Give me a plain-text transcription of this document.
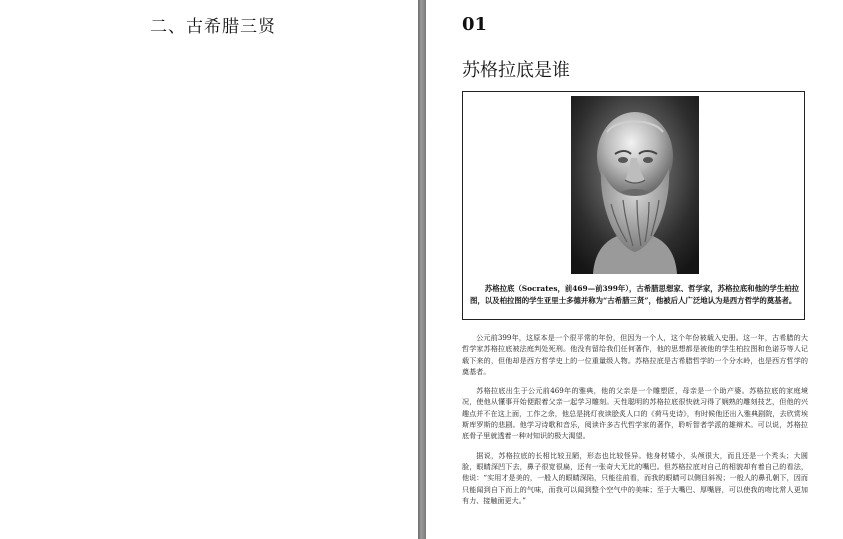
二、古希腊三贤	01
苏格拉底是谁

苏格拉底（Socrates，前469—前399年），古希腊思想家、哲学家，苏格拉底和他的学生柏拉图，以及柏拉图的学生亚里士多德并称为“古希腊三贤”，他被后人广泛地认为是西方哲学的奠基者。

公元前399年，这原本是一个很平常的年份，但因为一个人，这个年份被载入史册。这一年，古希腊的大哲学家苏格拉底被法庭判处死刑。他没有留给我们任何著作，他的思想都是被他的学生柏拉图和色诺芬等人记载下来的，但他却是西方哲学史上的一位重量级人物。苏格拉底是古希腊哲学的一个分水岭，也是西方哲学的奠基者。

苏格拉底出生于公元前469年的雅典，他的父亲是一个雕塑匠，母亲是一个助产婆。苏格拉底的家庭境况，使他从懂事开始便跟着父亲一起学习雕刻。天性聪明的苏格拉底很快就习得了娴熟的雕刻技艺，但他的兴趣点并不在这上面，工作之余，他总是挑灯夜读脍炙人口的《荷马史诗》，有时候他还出入雅典剧院，去欣赏埃斯库罗斯的悲剧。他学习诗歌和音乐，阅读许多古代哲学家的著作，聆听智者学派的雄辩术。可以说，苏格拉底骨子里就透着一种对知识的极大渴望。

据说，苏格拉底的长相比较丑陋，形态也比较怪异。他身材矮小，头颅很大，而且还是一个秃头；大圆脸，眼睛深凹下去，鼻子很宽很扁，还有一张奇大无比的嘴巴。但苏格拉底对自己的相貌却有着自己的看法，他说：“实用才是美的，一般人的眼睛深陷，只能往前看，而我的眼睛可以侧目斜视；一般人的鼻孔朝下，因而只能闻到自下而上的气味，而我可以闻到整个空气中的美味；至于大嘴巴、厚嘴唇，可以使我的吻比常人更加有力、接触面更大。”
